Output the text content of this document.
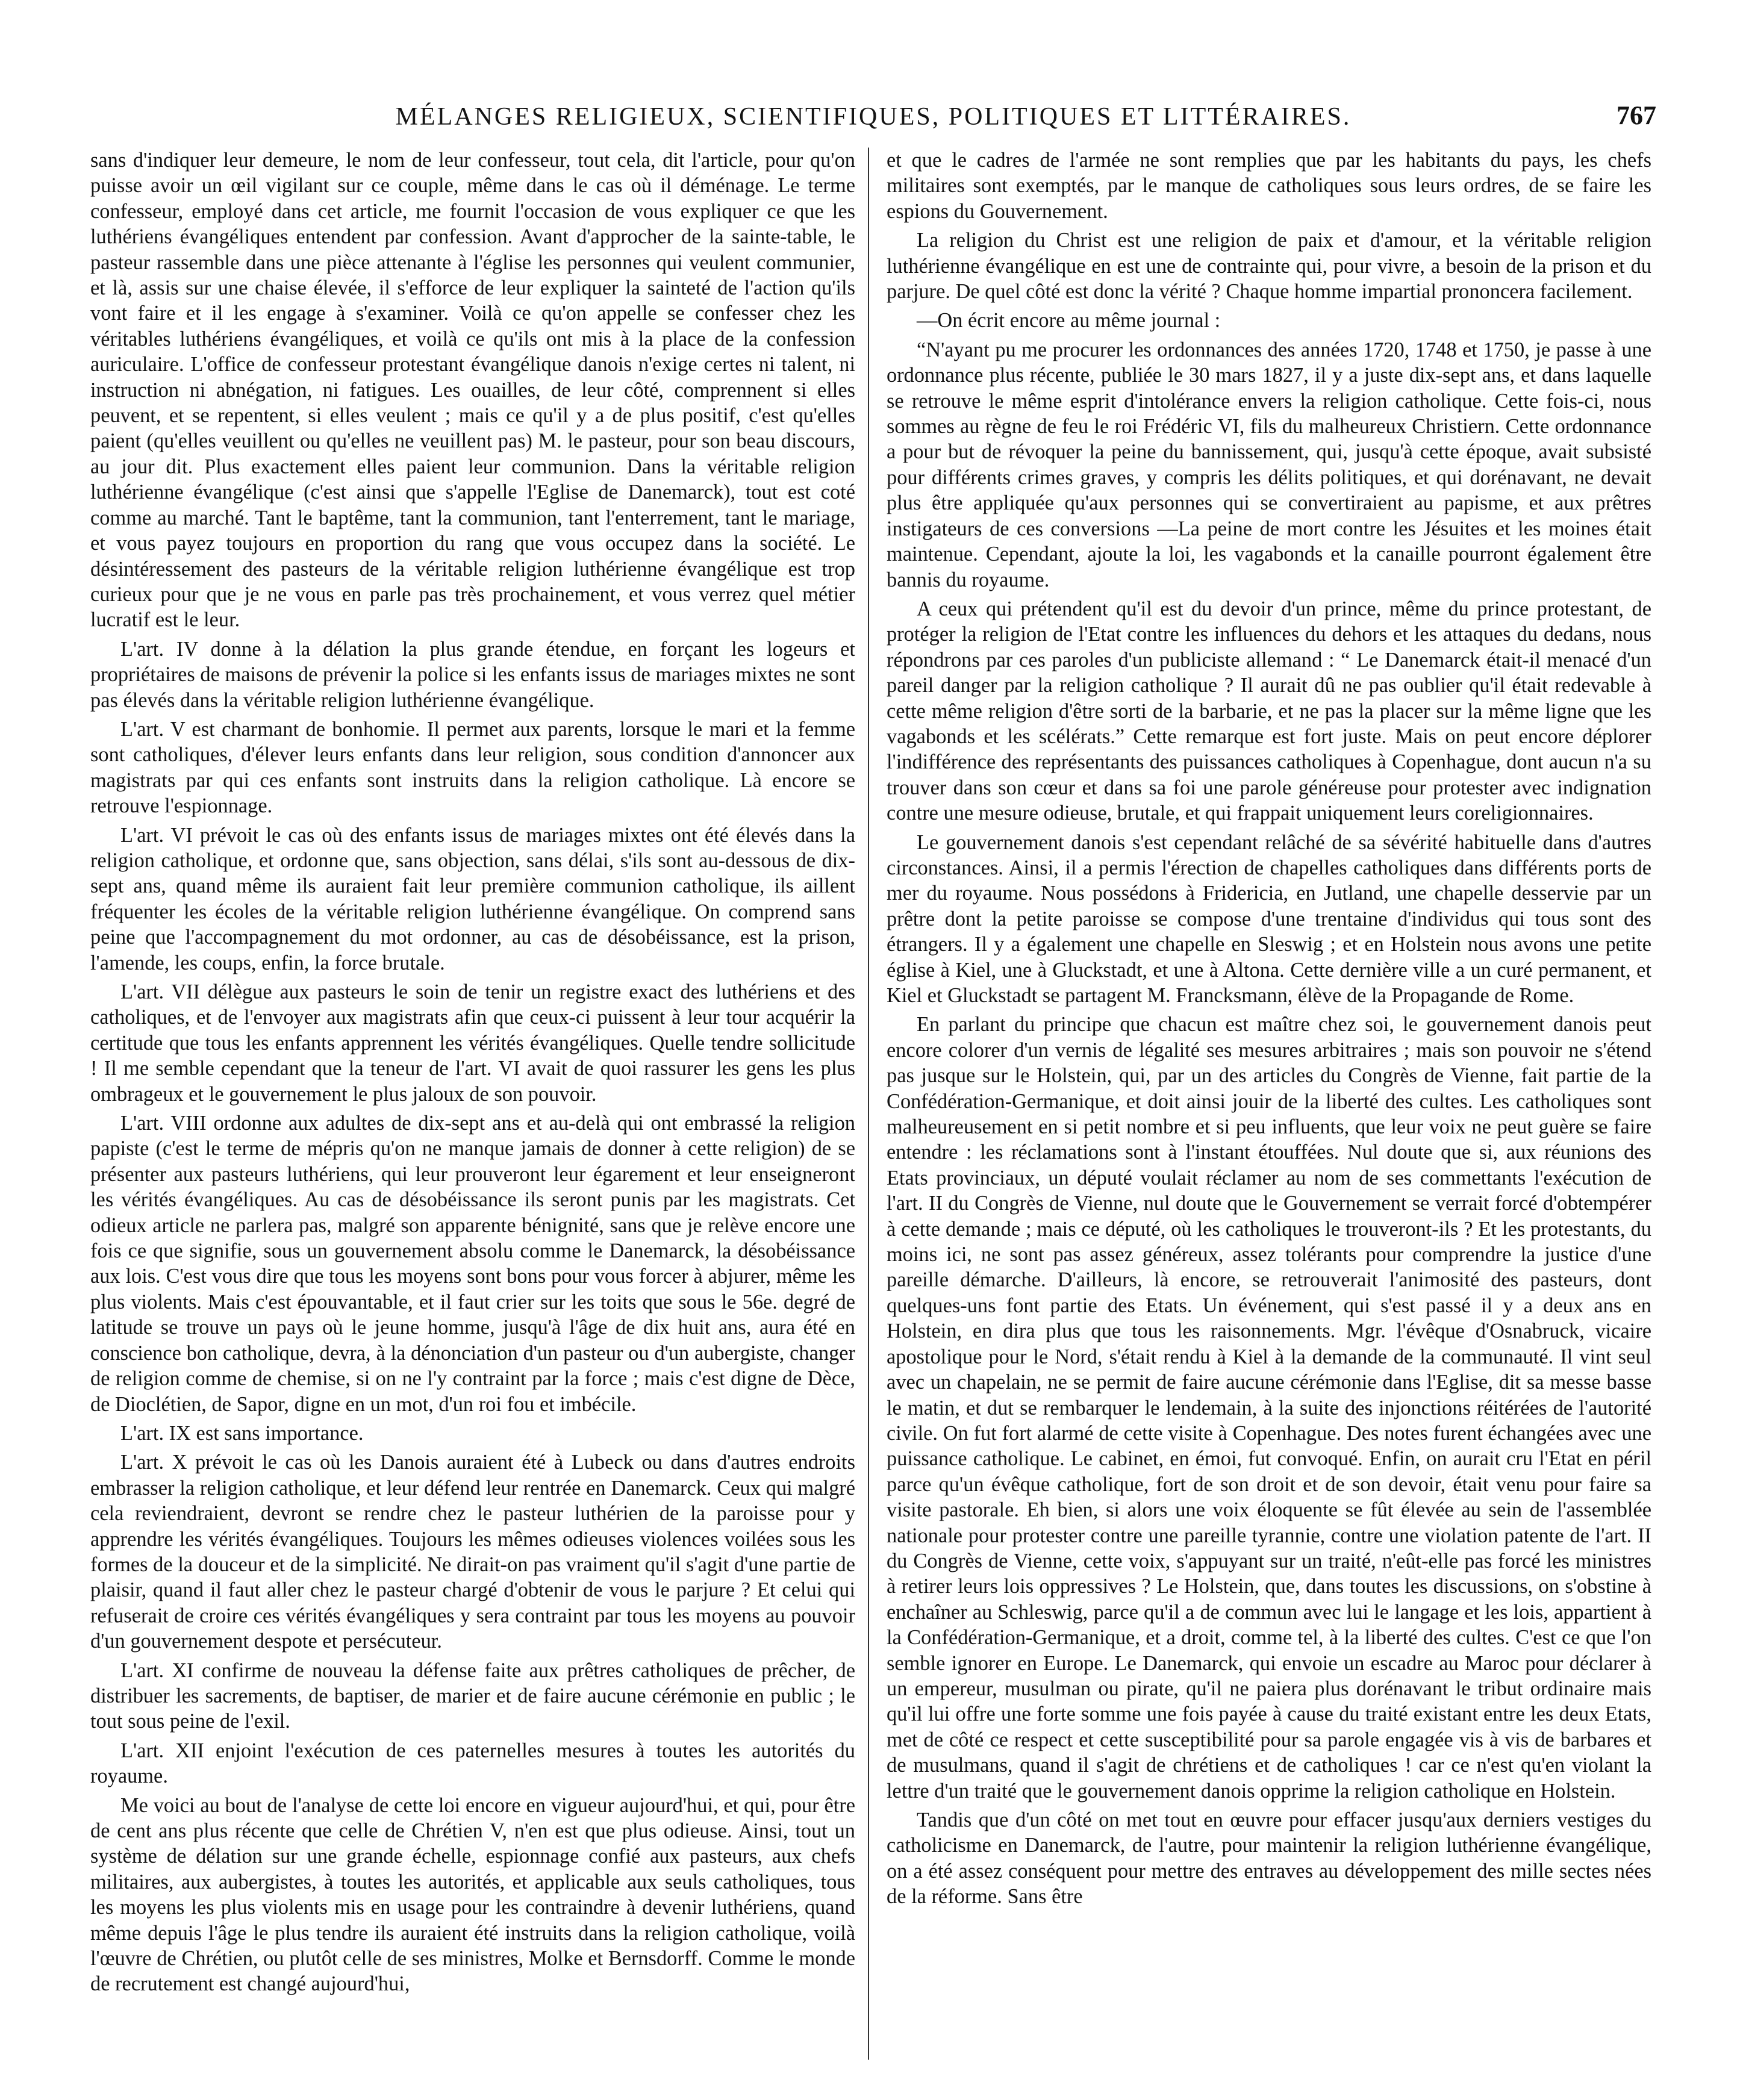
MÉLANGES RELIGIEUX, SCIENTIFIQUES, POLITIQUES ET LITTÉRAIRES.	767

sans d'indiquer leur demeure, le nom de leur confesseur, tout cela, dit l'article, pour qu'on puisse avoir un œil vigilant sur ce couple, même dans le cas où il déménage. Le terme confesseur, employé dans cet article, me fournit l'occasion de vous expliquer ce que les luthériens évangéliques entendent par confession. Avant d'approcher de la sainte-table, le pasteur rassemble dans une pièce attenante à l'église les personnes qui veulent communier, et là, assis sur une chaise élevée, il s'efforce de leur expliquer la sainteté de l'action qu'ils vont faire et il les engage à s'examiner. Voilà ce qu'on appelle se confesser chez les véritables luthériens évangéliques, et voilà ce qu'ils ont mis à la place de la confession auriculaire. L'office de confesseur protestant évangélique danois n'exige certes ni talent, ni instruction ni abnégation, ni fatigues. Les ouailles, de leur côté, comprennent si elles peuvent, et se repentent, si elles veulent ; mais ce qu'il y a de plus positif, c'est qu'elles paient (qu'elles veuillent ou qu'elles ne veuillent pas) M. le pasteur, pour son beau discours, au jour dit. Plus exactement elles paient leur communion. Dans la véritable religion luthérienne évangélique (c'est ainsi que s'appelle l'Eglise de Danemarck), tout est coté comme au marché. Tant le baptême, tant la communion, tant l'enterrement, tant le mariage, et vous payez toujours en proportion du rang que vous occupez dans la société. Le désintéressement des pasteurs de la véritable religion luthérienne évangélique est trop curieux pour que je ne vous en parle pas très prochainement, et vous verrez quel métier lucratif est le leur.

L'art. IV donne à la délation la plus grande étendue, en forçant les logeurs et propriétaires de maisons de prévenir la police si les enfants issus de mariages mixtes ne sont pas élevés dans la véritable religion luthérienne évangélique.

L'art. V est charmant de bonhomie. Il permet aux parents, lorsque le mari et la femme sont catholiques, d'élever leurs enfants dans leur religion, sous condition d'annoncer aux magistrats par qui ces enfants sont instruits dans la religion catholique. Là encore se retrouve l'espionnage.

L'art. VI prévoit le cas où des enfants issus de mariages mixtes ont été élevés dans la religion catholique, et ordonne que, sans objection, sans délai, s'ils sont au-dessous de dix-sept ans, quand même ils auraient fait leur première communion catholique, ils aillent fréquenter les écoles de la véritable religion luthérienne évangélique. On comprend sans peine que l'accompagnement du mot ordonner, au cas de désobéissance, est la prison, l'amende, les coups, enfin, la force brutale.

L'art. VII délègue aux pasteurs le soin de tenir un registre exact des luthériens et des catholiques, et de l'envoyer aux magistrats afin que ceux-ci puissent à leur tour acquérir la certitude que tous les enfants apprennent les vérités évangéliques. Quelle tendre sollicitude ! Il me semble cependant que la teneur de l'art. VI avait de quoi rassurer les gens les plus ombrageux et le gouvernement le plus jaloux de son pouvoir.

L'art. VIII ordonne aux adultes de dix-sept ans et au-delà qui ont embrassé la religion papiste (c'est le terme de mépris qu'on ne manque jamais de donner à cette religion) de se présenter aux pasteurs luthériens, qui leur prouveront leur égarement et leur enseigneront les vérités évangéliques. Au cas de désobéissance ils seront punis par les magistrats. Cet odieux article ne parlera pas, malgré son apparente bénignité, sans que je relève encore une fois ce que signifie, sous un gouvernement absolu comme le Danemarck, la désobéissance aux lois. C'est vous dire que tous les moyens sont bons pour vous forcer à abjurer, même les plus violents. Mais c'est épouvantable, et il faut crier sur les toits que sous le 56e. degré de latitude se trouve un pays où le jeune homme, jusqu'à l'âge de dix huit ans, aura été en conscience bon catholique, devra, à la dénonciation d'un pasteur ou d'un aubergiste, changer de religion comme de chemise, si on ne l'y contraint par la force ; mais c'est digne de Dèce, de Dioclétien, de Sapor, digne en un mot, d'un roi fou et imbécile.

L'art. IX est sans importance.

L'art. X prévoit le cas où les Danois auraient été à Lubeck ou dans d'autres endroits embrasser la religion catholique, et leur défend leur rentrée en Danemarck. Ceux qui malgré cela reviendraient, devront se rendre chez le pasteur luthérien de la paroisse pour y apprendre les vérités évangéliques. Toujours les mêmes odieuses violences voilées sous les formes de la douceur et de la simplicité. Ne dirait-on pas vraiment qu'il s'agit d'une partie de plaisir, quand il faut aller chez le pasteur chargé d'obtenir de vous le parjure ? Et celui qui refuserait de croire ces vérités évangéliques y sera contraint par tous les moyens au pouvoir d'un gouvernement despote et persécuteur.

L'art. XI confirme de nouveau la défense faite aux prêtres catholiques de prêcher, de distribuer les sacrements, de baptiser, de marier et de faire aucune cérémonie en public ; le tout sous peine de l'exil.

L'art. XII enjoint l'exécution de ces paternelles mesures à toutes les autorités du royaume.

Me voici au bout de l'analyse de cette loi encore en vigueur aujourd'hui, et qui, pour être de cent ans plus récente que celle de Chrétien V, n'en est que plus odieuse. Ainsi, tout un système de délation sur une grande échelle, espionnage confié aux pasteurs, aux chefs militaires, aux aubergistes, à toutes les autorités, et applicable aux seuls catholiques, tous les moyens les plus violents mis en usage pour les contraindre à devenir luthériens, quand même depuis l'âge le plus tendre ils auraient été instruits dans la religion catholique, voilà l'œuvre de Chrétien, ou plutôt celle de ses ministres, Molke et Bernsdorff. Comme le monde de recrutement est changé aujourd'hui,

et que le cadres de l'armée ne sont remplies que par les habitants du pays, les chefs militaires sont exemptés, par le manque de catholiques sous leurs ordres, de se faire les espions du Gouvernement.

La religion du Christ est une religion de paix et d'amour, et la véritable religion luthérienne évangélique en est une de contrainte qui, pour vivre, a besoin de la prison et du parjure. De quel côté est donc la vérité ? Chaque homme impartial prononcera facilement.

—On écrit encore au même journal :

“N'ayant pu me procurer les ordonnances des années 1720, 1748 et 1750, je passe à une ordonnance plus récente, publiée le 30 mars 1827, il y a juste dix-sept ans, et dans laquelle se retrouve le même esprit d'intolérance envers la religion catholique. Cette fois-ci, nous sommes au règne de feu le roi Frédéric VI, fils du malheureux Christiern. Cette ordonnance a pour but de révoquer la peine du bannissement, qui, jusqu'à cette époque, avait subsisté pour différents crimes graves, y compris les délits politiques, et qui dorénavant, ne devait plus être appliquée qu'aux personnes qui se convertiraient au papisme, et aux prêtres instigateurs de ces conversions —La peine de mort contre les Jésuites et les moines était maintenue. Cependant, ajoute la loi, les vagabonds et la canaille pourront également être bannis du royaume.

A ceux qui prétendent qu'il est du devoir d'un prince, même du prince protestant, de protéger la religion de l'Etat contre les influences du dehors et les attaques du dedans, nous répondrons par ces paroles d'un publiciste allemand : “ Le Danemarck était-il menacé d'un pareil danger par la religion catholique ? Il aurait dû ne pas oublier qu'il était redevable à cette même religion d'être sorti de la barbarie, et ne pas la placer sur la même ligne que les vagabonds et les scélérats.” Cette remarque est fort juste. Mais on peut encore déplorer l'indifférence des représentants des puissances catholiques à Copenhague, dont aucun n'a su trouver dans son cœur et dans sa foi une parole généreuse pour protester avec indignation contre une mesure odieuse, brutale, et qui frappait uniquement leurs coreligionnaires.

Le gouvernement danois s'est cependant relâché de sa sévérité habituelle dans d'autres circonstances. Ainsi, il a permis l'érection de chapelles catholiques dans différents ports de mer du royaume. Nous possédons à Fridericia, en Jutland, une chapelle desservie par un prêtre dont la petite paroisse se compose d'une trentaine d'individus qui tous sont des étrangers. Il y a également une chapelle en Sleswig ; et en Holstein nous avons une petite église à Kiel, une à Gluckstadt, et une à Altona. Cette dernière ville a un curé permanent, et Kiel et Gluckstadt se partagent M. Francksmann, élève de la Propagande de Rome.

En parlant du principe que chacun est maître chez soi, le gouvernement danois peut encore colorer d'un vernis de légalité ses mesures arbitraires ; mais son pouvoir ne s'étend pas jusque sur le Holstein, qui, par un des articles du Congrès de Vienne, fait partie de la Confédération-Germanique, et doit ainsi jouir de la liberté des cultes. Les catholiques sont malheureusement en si petit nombre et si peu influents, que leur voix ne peut guère se faire entendre : les réclamations sont à l'instant étouffées. Nul doute que si, aux réunions des Etats provinciaux, un député voulait réclamer au nom de ses commettants l'exécution de l'art. II du Congrès de Vienne, nul doute que le Gouvernement se verrait forcé d'obtempérer à cette demande ; mais ce député, où les catholiques le trouveront-ils ? Et les protestants, du moins ici, ne sont pas assez généreux, assez tolérants pour comprendre la justice d'une pareille démarche. D'ailleurs, là encore, se retrouverait l'animosité des pasteurs, dont quelques-uns font partie des Etats. Un événement, qui s'est passé il y a deux ans en Holstein, en dira plus que tous les raisonnements. Mgr. l'évêque d'Osnabruck, vicaire apostolique pour le Nord, s'était rendu à Kiel à la demande de la communauté. Il vint seul avec un chapelain, ne se permit de faire aucune cérémonie dans l'Eglise, dit sa messe basse le matin, et dut se rembarquer le lendemain, à la suite des injonctions réitérées de l'autorité civile. On fut fort alarmé de cette visite à Copenhague. Des notes furent échangées avec une puissance catholique. Le cabinet, en émoi, fut convoqué. Enfin, on aurait cru l'Etat en péril parce qu'un évêque catholique, fort de son droit et de son devoir, était venu pour faire sa visite pastorale. Eh bien, si alors une voix éloquente se fût élevée au sein de l'assemblée nationale pour protester contre une pareille tyrannie, contre une violation patente de l'art. II du Congrès de Vienne, cette voix, s'appuyant sur un traité, n'eût-elle pas forcé les ministres à retirer leurs lois oppressives ? Le Holstein, que, dans toutes les discussions, on s'obstine à enchaîner au Schleswig, parce qu'il a de commun avec lui le langage et les lois, appartient à la Confédération-Germanique, et a droit, comme tel, à la liberté des cultes. C'est ce que l'on semble ignorer en Europe. Le Danemarck, qui envoie un escadre au Maroc pour déclarer à un empereur, musulman ou pirate, qu'il ne paiera plus dorénavant le tribut ordinaire mais qu'il lui offre une forte somme une fois payée à cause du traité existant entre les deux Etats, met de côté ce respect et cette susceptibilité pour sa parole engagée vis à vis de barbares et de musulmans, quand il s'agit de chrétiens et de catholiques ! car ce n'est qu'en violant la lettre d'un traité que le gouvernement danois opprime la religion catholique en Holstein.

Tandis que d'un côté on met tout en œuvre pour effacer jusqu'aux derniers vestiges du catholicisme en Danemarck, de l'autre, pour maintenir la religion luthérienne évangélique, on a été assez conséquent pour mettre des entraves au développement des mille sectes nées de la réforme. Sans être
